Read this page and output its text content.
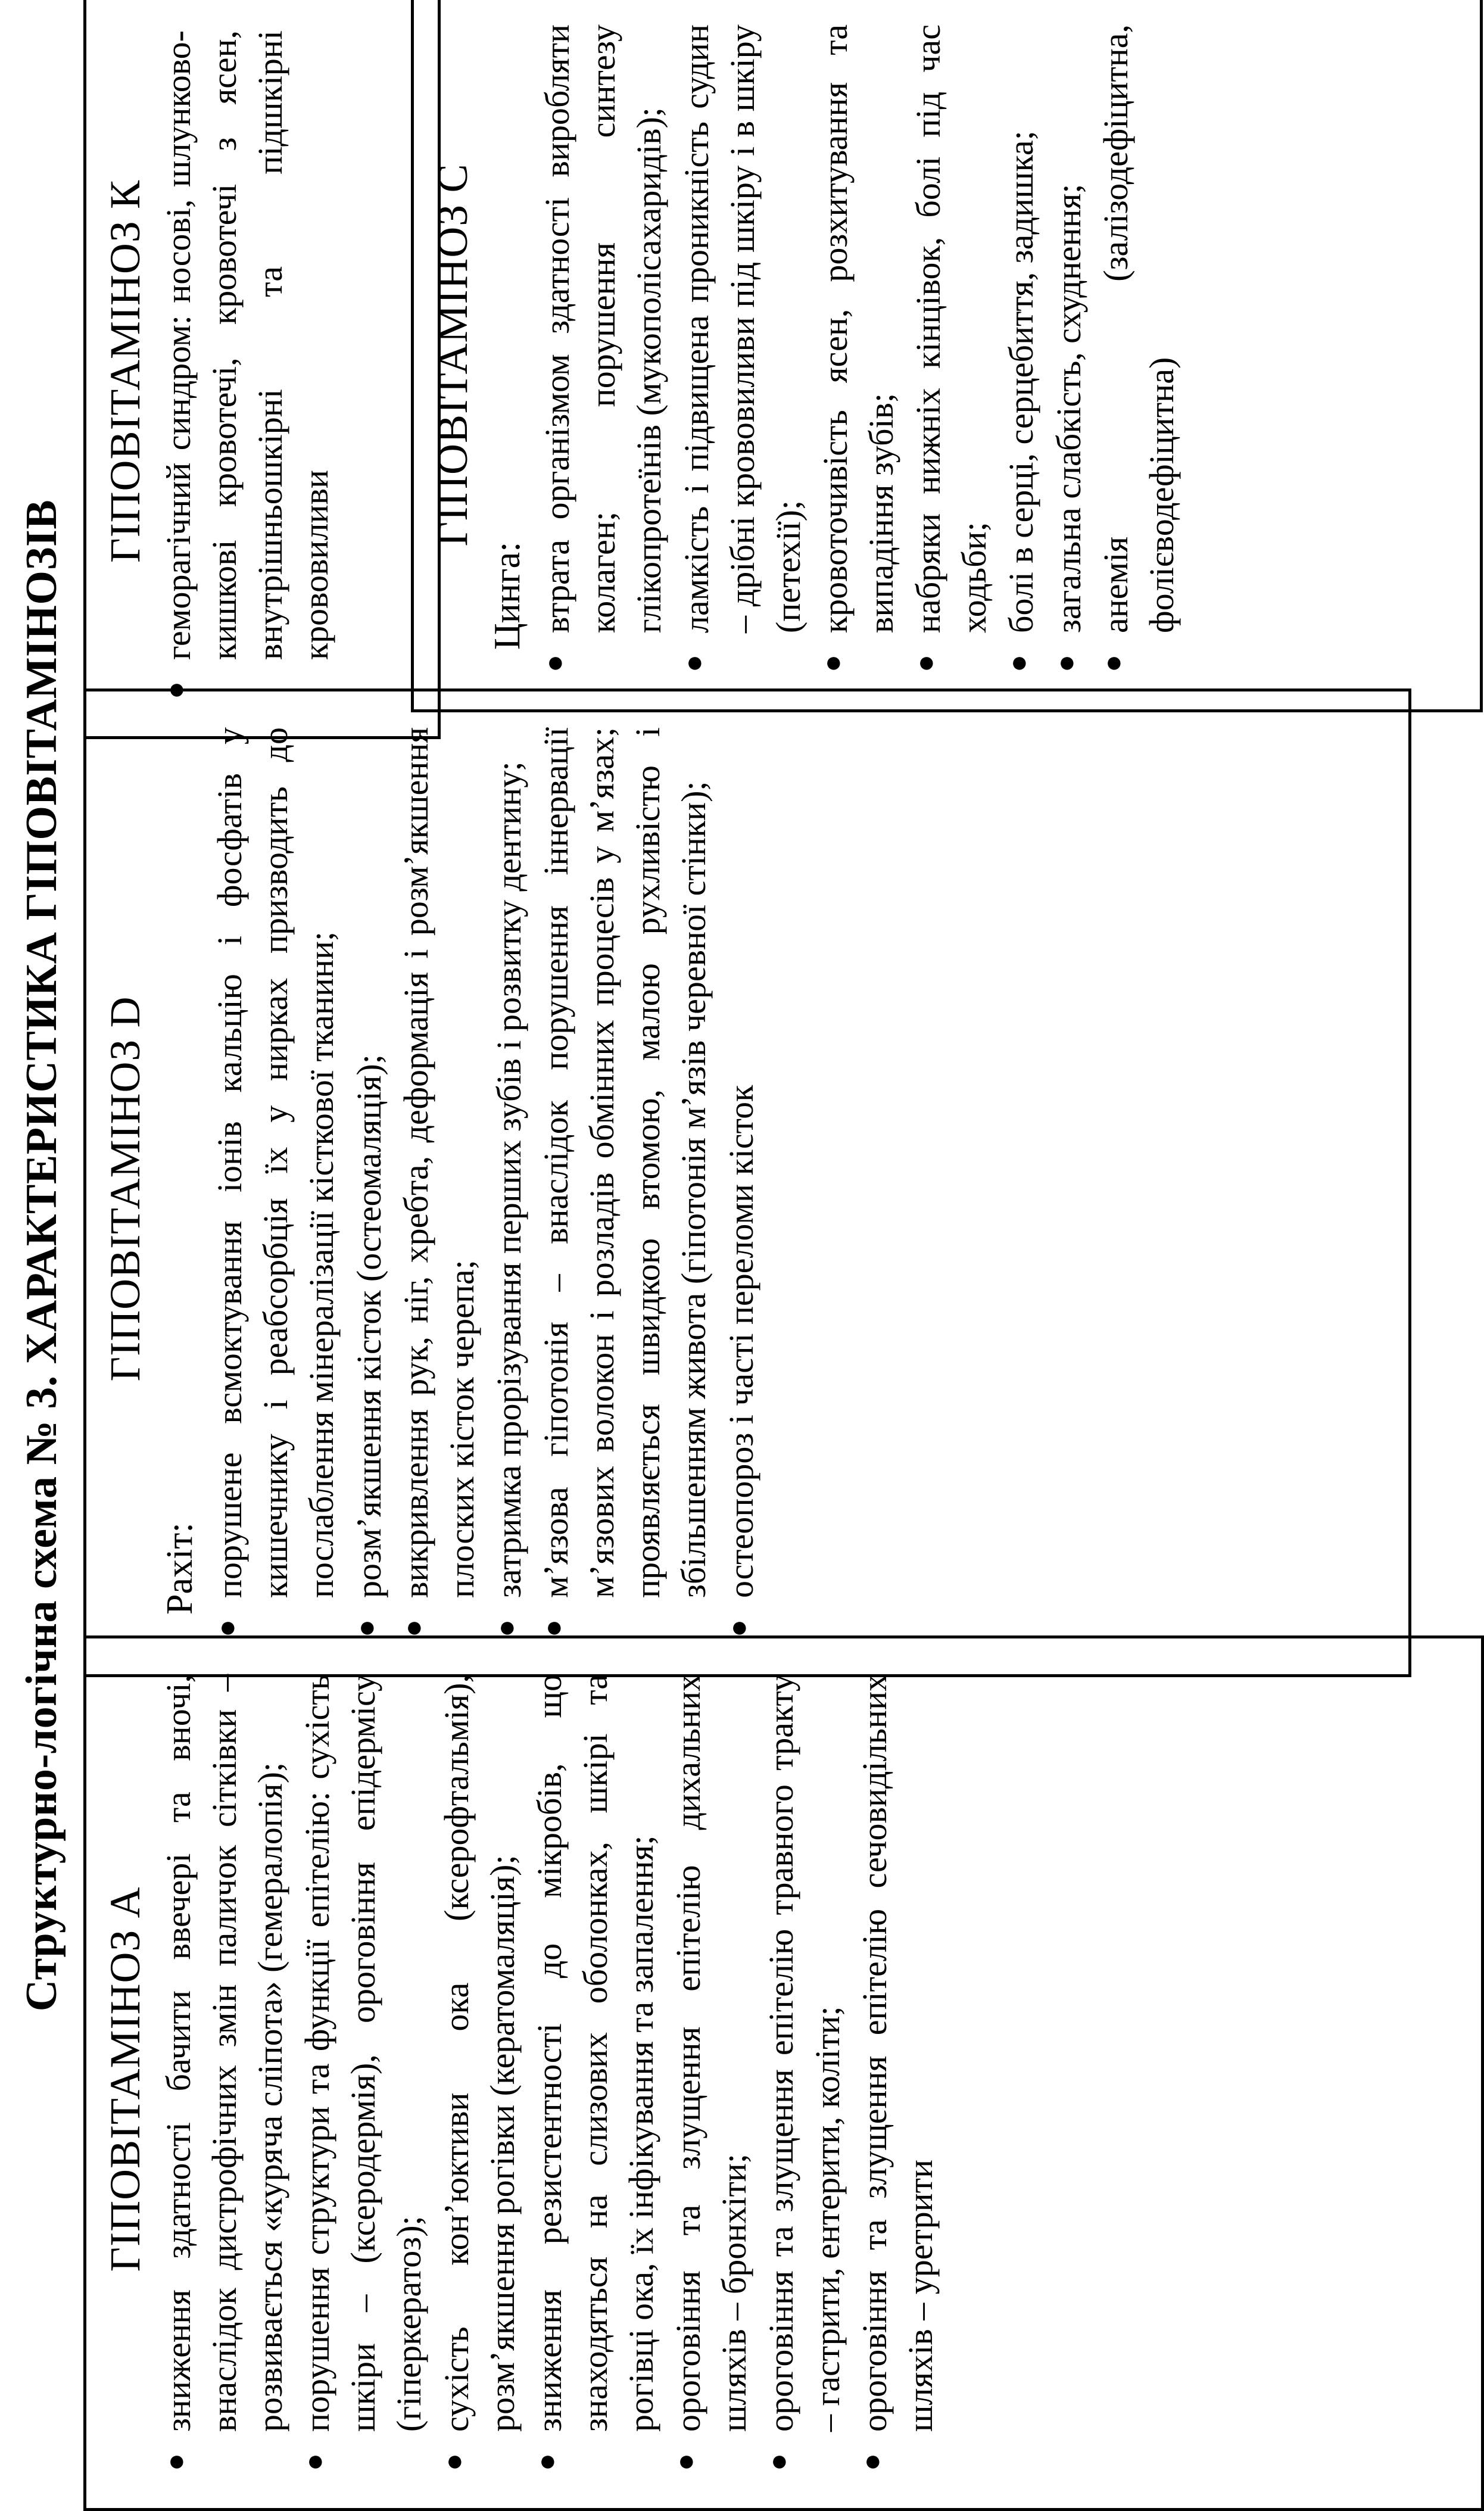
Структурно-логічна схема № 3. ХАРАКТЕРИСТИКА ГІПОВІТАМІНОЗІВ
ГІПОВІТАМІНОЗ А
●
зниження здатності бачити ввечері та вночі, внаслідок дистрофічних змін паличок сітківки – розвивається «куряча сліпота» (гемералопія);
●
порушення структури та функції епітелію: сухість шкіри – (ксеродермія), ороговіння епідермісу (гіперкератоз);
●
сухість кон’юктиви ока (ксерофтальмія), розм’якшення рогівки (кератомаляція);
●
зниження резистентності до мікробів, що знаходяться на слизових оболонках, шкірі та рогівці ока, їх інфікування та запалення;
●
ороговіння та злущення епітелію дихальних шляхів – бронхіти;
●
ороговіння та злущення епітелію травного тракту – гастрити, ентерити, коліти;
●
ороговіння та злущення епітелію сечовидільних шляхів – уретрити
ГІПОВІТАМІНОЗ D
Рахіт:
●
порушене всмоктування іонів кальцію і фосфатів у кишечнику і реабсорбція їх у нирках призводить до послаблення мінералізації кісткової тканини;
●
розм’якшення кісток (остеомаляція);
●
викривлення рук, ніг, хребта, деформація і розм’якшення плоских кісток черепа;
●
затримка прорізування перших зубів і розвитку дентину;
●
м’язова гіпотонія – внаслідок порушення іннервації м’язових волокон і розладів обмінних процесів у м’язах; проявляється швидкою втомою, малою рухливістю і збільшенням живота (гіпотонія м’язів черевної стінки);
●
остеопороз і часті переломи кісток
ГІПОВІТАМІНОЗ К
●
геморагічний синдром: носові, шлунково-кишкові кровотечі, кровотечі з ясен, внутрішньошкірні та підшкірні крововиливи
ГІПОВІТАМІНОЗ С
Цинга:
●
втрата організмом здатності виробляти колаген; порушення синтезу глікопротеїнів (мукополісахаридів);
●
ламкість і підвищена проникність судин – дрібні крововиливи під шкіру і в шкіру (петехії);
●
кровоточивість ясен, розхитування та випадіння зубів;
●
набряки нижніх кінцівок, болі під час ходьби;
●
болі в серці, серцебиття, задишка;
●
загальна слабкість, схуднення;
●
анемія (залізодефіцитна, фолієводефіцитна)
